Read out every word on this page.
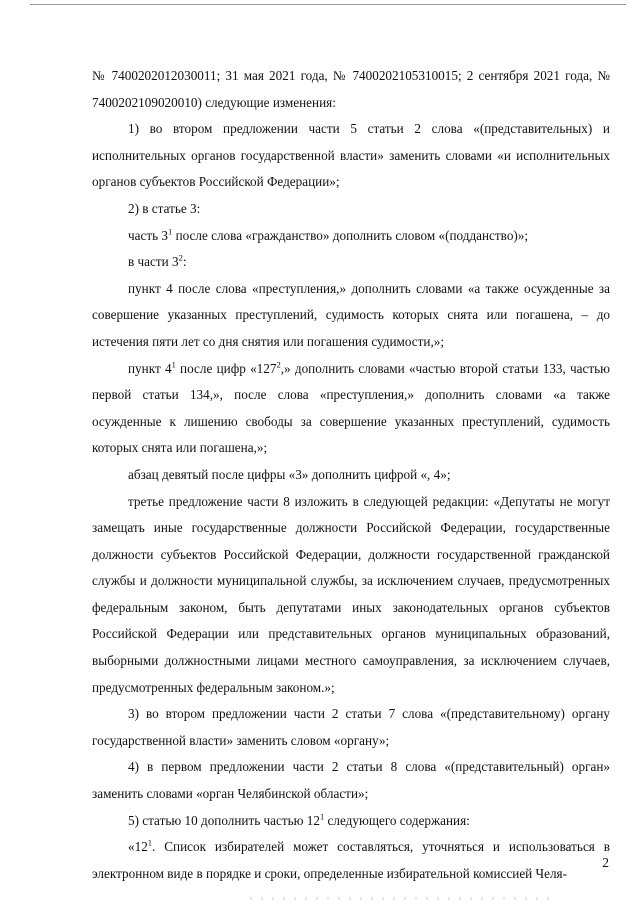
№ 7400202012030011; 31 мая 2021 года, № 7400202105310015; 2 сентября 2021 года, № 7400202109020010) следующие изменения:

1) во втором предложении части 5 статьи 2 слова «(представительных) и исполнительных органов государственной власти» заменить словами «и исполнительных органов субъектов Российской Федерации»;

2) в статье 3:

часть $3^1$ после слова «гражданство» дополнить словом «(подданство)»;

в части $3^2$:

пункт 4 после слова «преступления,» дополнить словами «а также осужденные за совершение указанных преступлений, судимость которых снята или погашена, – до истечения пяти лет со дня снятия или погашения судимости,»;

пункт $4^1$ после цифр «$127^2$,» дополнить словами «частью второй статьи 133, частью первой статьи 134,», после слова «преступления,» дополнить словами «а также осужденные к лишению свободы за совершение указанных преступлений, судимость которых снята или погашена,»;

абзац девятый после цифры «3» дополнить цифрой «, 4»;

третье предложение части 8 изложить в следующей редакции: «Депутаты не могут замещать иные государственные должности Российской Федерации, государственные должности субъектов Российской Федерации, должности государственной гражданской службы и должности муниципальной службы, за исключением случаев, предусмотренных федеральным законом, быть депутатами иных законодательных органов субъектов Российской Федерации или представительных органов муниципальных образований, выборными должностными лицами местного самоуправления, за исключением случаев, предусмотренных федеральным законом.»;

3) во втором предложении части 2 статьи 7 слова «(представительному) органу государственной власти» заменить словом «органу»;

4) в первом предложении части 2 статьи 8 слова «(представительный) орган» заменить словами «орган Челябинской области»;

5) статью 10 дополнить частью $12^1$ следующего содержания:

«$12^1$. Список избирателей может составляться, уточняться и использоваться в электронном виде в порядке и сроки, определенные избирательной комиссией Челя-

2
